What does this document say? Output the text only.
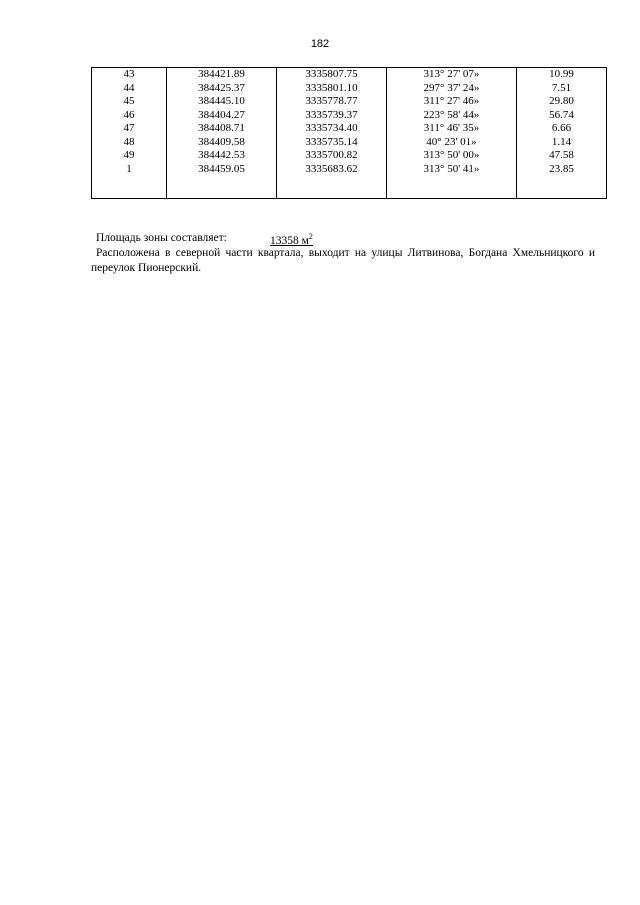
182
43	384421.89	3335807.75	313° 27' 07»	10.99
44	384425.37	3335801.10	297° 37' 24»	7.51
45	384445.10	3335778.77	311° 27' 46»	29.80
46	384404.27	3335739.37	223° 58' 44»	56.74
47	384408.71	3335734.40	311° 46' 35»	6.66
48	384409.58	3335735.14	40° 23' 01»	1.14
49	384442.53	3335700.82	313° 50' 00»	47.58
1	384459.05	3335683.62	313° 50' 41»	23.85

Площадь зоны составляет:	13358 $м^2$

Расположена в северной части квартала, выходит на улицы Литвинова, Богдана Хмельницкого и переулок Пионерский.
